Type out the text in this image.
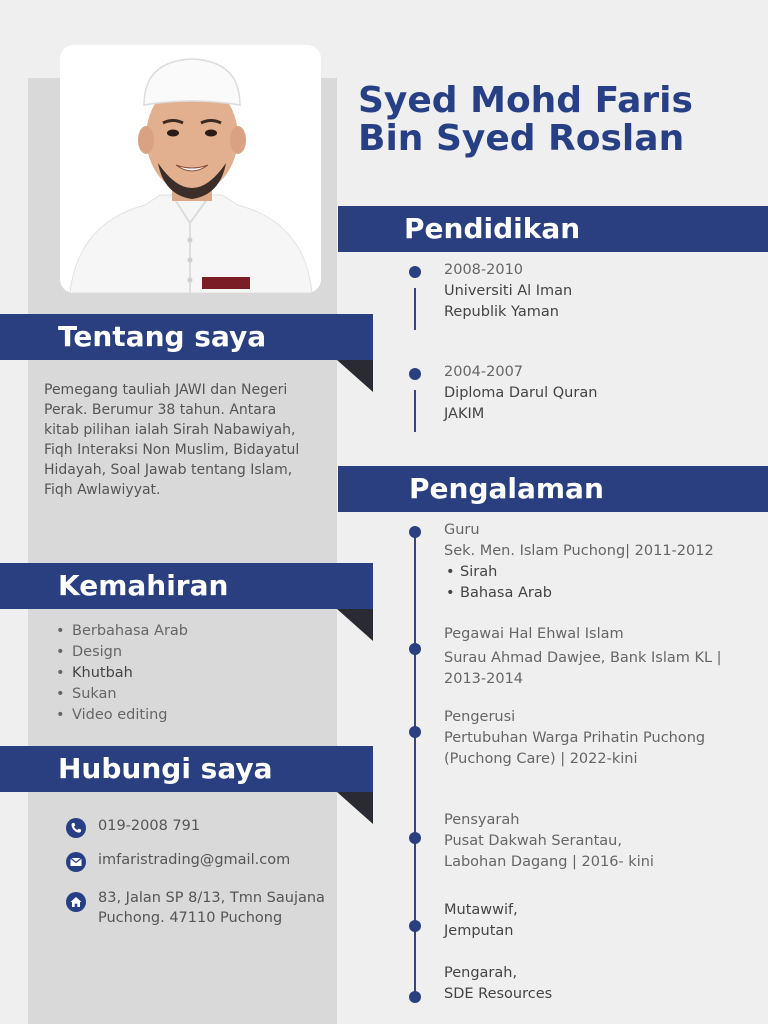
Syed Mohd Faris
Bin Syed Roslan
Tentang saya
Pemegang tauliah JAWI dan Negeri Perak. Berumur 38 tahun. Antara kitab pilihan ialah Sirah Nabawiyah, Fiqh Interaksi Non Muslim, Bidayatul Hidayah, Soal Jawab tentang Islam, Fiqh Awlawiyyat.
Kemahiran
• Berbahasa Arab
• Design
• Khutbah
• Sukan
• Video editing
Hubungi saya
019-2008 791
imfaristrading@gmail.com
83, Jalan SP 8/13, Tmn Saujana Puchong. 47110 Puchong
Pendidikan
2008-2010
Universiti Al Iman
Republik Yaman
2004-2007
Diploma Darul Quran
JAKIM
Pengalaman
Guru
Sek. Men. Islam Puchong| 2011-2012
• Sirah
• Bahasa Arab
Pegawai Hal Ehwal Islam
Surau Ahmad Dawjee, Bank Islam KL | 2013-2014
Pengerusi
Pertubuhan Warga Prihatin Puchong (Puchong Care) | 2022-kini
Pensyarah
Pusat Dakwah Serantau, Labohan Dagang | 2016- kini
Mutawwif,
Jemputan
Pengarah,
SDE Resources
